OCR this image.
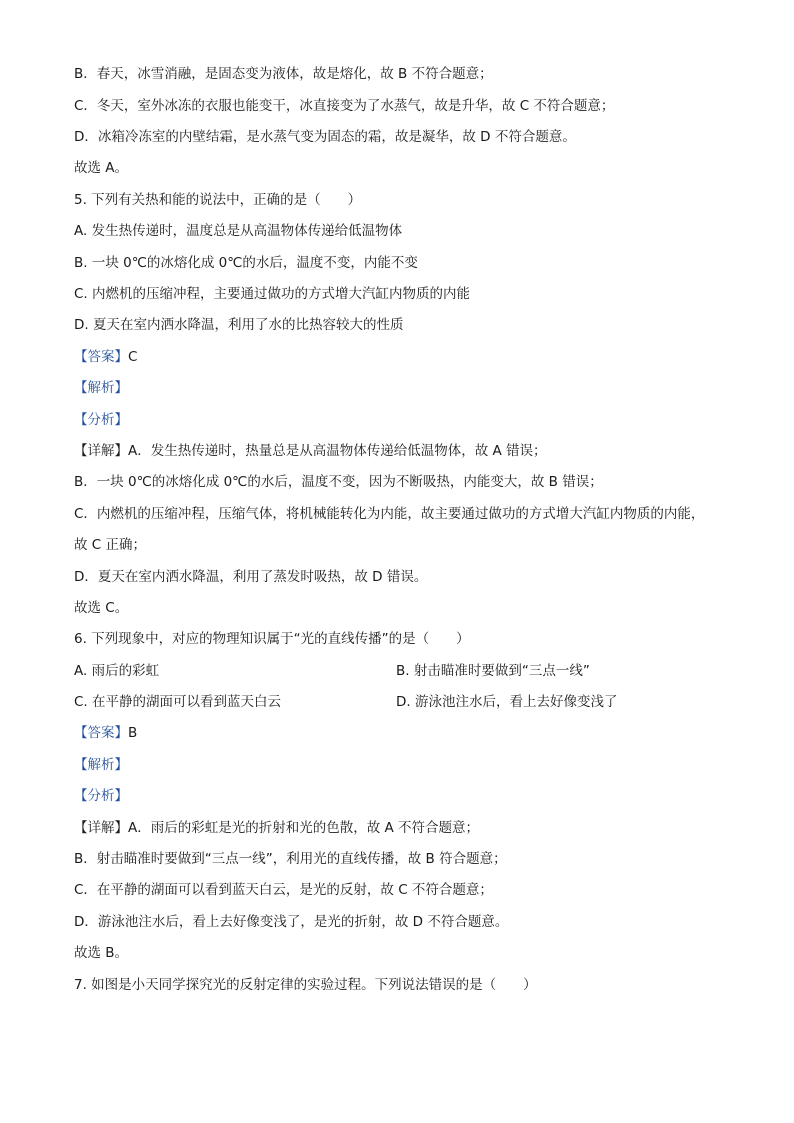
B．春天，冰雪消融，是固态变为液体，故是熔化，故 B 不符合题意；
C．冬天，室外冰冻的衣服也能变干，冰直接变为了水蒸气，故是升华，故 C 不符合题意；
D．冰箱冷冻室的内壁结霜，是水蒸气变为固态的霜，故是凝华，故 D 不符合题意。
故选 A。
5. 下列有关热和能的说法中，正确的是（　　）
A. 发生热传递时，温度总是从高温物体传递给低温物体
B. 一块 0℃的冰熔化成 0℃的水后，温度不变，内能不变
C. 内燃机的压缩冲程，主要通过做功的方式增大汽缸内物质的内能
D. 夏天在室内洒水降温，利用了水的比热容较大的性质
【答案】C
【解析】
【分析】
【详解】A．发生热传递时，热量总是从高温物体传递给低温物体，故 A 错误；
B．一块 0℃的冰熔化成 0℃的水后，温度不变，因为不断吸热，内能变大，故 B 错误；
C．内燃机的压缩冲程，压缩气体，将机械能转化为内能，故主要通过做功的方式增大汽缸内物质的内能，
故 C 正确；
D．夏天在室内洒水降温，利用了蒸发时吸热，故 D 错误。
故选 C。
6. 下列现象中，对应的物理知识属于“光的直线传播”的是（　　）
A. 雨后的彩虹	B. 射击瞄准时要做到“三点一线”
C. 在平静的湖面可以看到蓝天白云	D. 游泳池注水后，看上去好像变浅了
【答案】B
【解析】
【分析】
【详解】A．雨后的彩虹是光的折射和光的色散，故 A 不符合题意；
B．射击瞄准时要做到“三点一线”，利用光的直线传播，故 B 符合题意；
C．在平静的湖面可以看到蓝天白云，是光的反射，故 C 不符合题意；
D．游泳池注水后，看上去好像变浅了，是光的折射，故 D 不符合题意。
故选 B。
7. 如图是小天同学探究光的反射定律的实验过程。下列说法错误的是（　　）
